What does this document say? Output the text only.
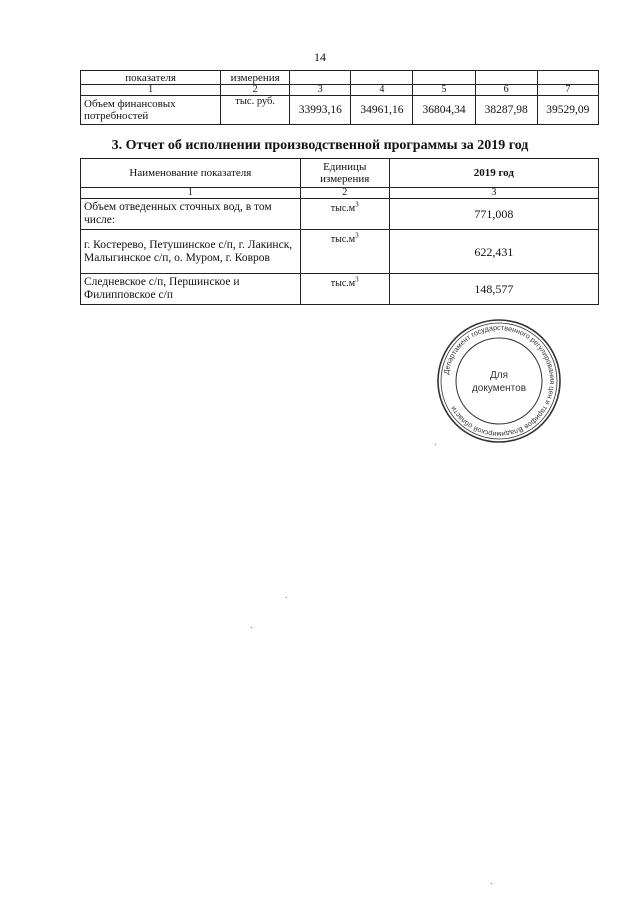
14
показателя	измерения					
1	2	3	4	5	6	7
Объем финансовых потребностей	тыс. руб.	33993,16	34961,16	36804,34	38287,98	39529,09
3. Отчет об исполнении производственной программы за 2019 год
Наименование показателя	Единицы измерения	2019 год
1	2	3
Объем отведенных сточных вод, в том числе:	$тыс.м^3$	771,008
г. Костерево, Петушинское с/п, г. Лакинск, Малыгинское с/п, о. Муром, г. Ковров	$тыс.м^3$	622,431
Следневское с/п, Першинское и Филипповское с/п	$тыс.м^3$	148,577
Департамент государственного регулирования цен и тарифов Владимирской области
Для
документов
.
.
.
.
